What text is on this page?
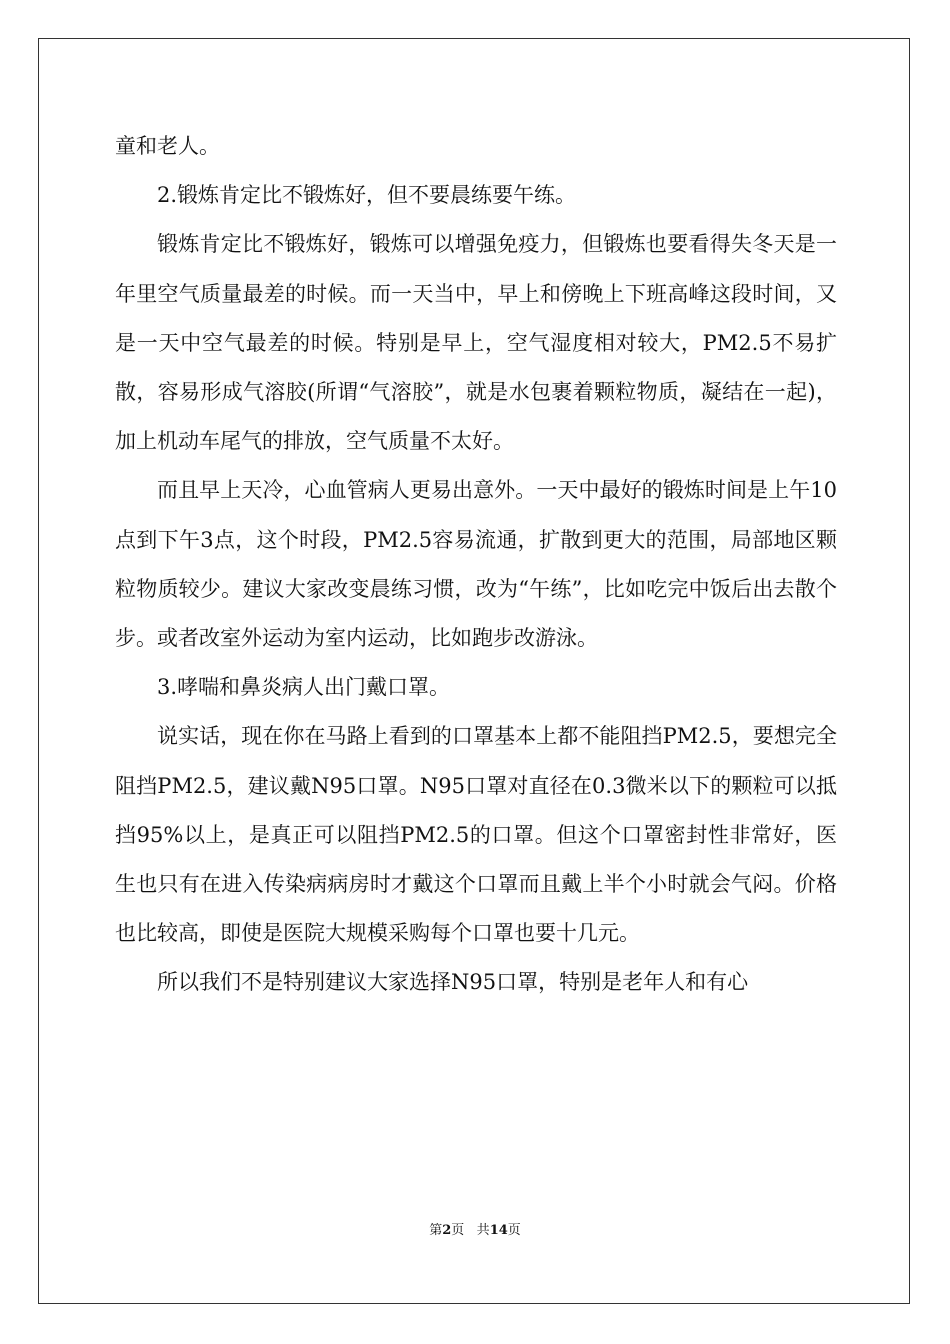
童和老人。

2.锻炼肯定比不锻炼好，但不要晨练要午练。

锻炼肯定比不锻炼好，锻炼可以增强免疫力，但锻炼也要看得失冬天是一年里空气质量最差的时候。而一天当中，早上和傍晚上下班高峰这段时间，又是一天中空气最差的时候。特别是早上，空气湿度相对较大，PM2.5不易扩散，容易形成气溶胶(所谓“气溶胶”，就是水包裹着颗粒物质，凝结在一起)，加上机动车尾气的排放，空气质量不太好。

而且早上天冷，心血管病人更易出意外。一天中最好的锻炼时间是上午10点到下午3点，这个时段，PM2.5容易流通，扩散到更大的范围，局部地区颗粒物质较少。建议大家改变晨练习惯，改为“午练”，比如吃完中饭后出去散个步。或者改室外运动为室内运动，比如跑步改游泳。

3.哮喘和鼻炎病人出门戴口罩。

说实话，现在你在马路上看到的口罩基本上都不能阻挡PM2.5，要想完全阻挡PM2.5，建议戴N95口罩。N95口罩对直径在0.3微米以下的颗粒可以抵挡95%以上，是真正可以阻挡PM2.5的口罩。但这个口罩密封性非常好，医生也只有在进入传染病病房时才戴这个口罩而且戴上半个小时就会气闷。价格也比较高，即使是医院大规模采购每个口罩也要十几元。

所以我们不是特别建议大家选择N95口罩，特别是老年人和有心

第2页 共14页
